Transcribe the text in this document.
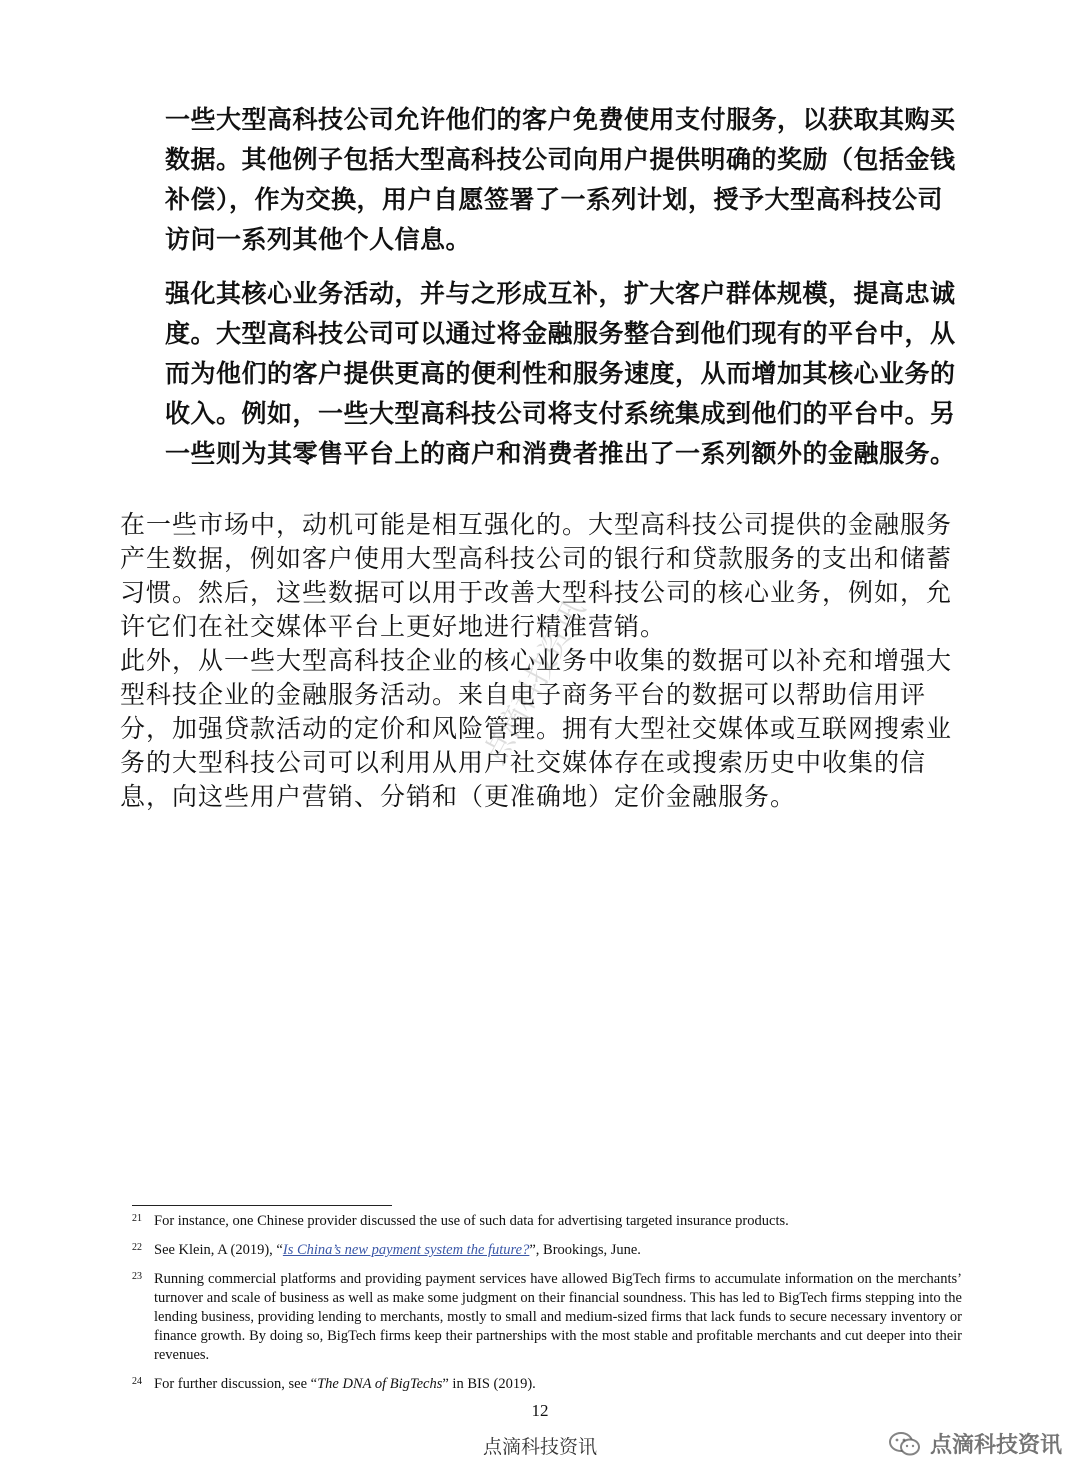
一些大型高科技公司允许他们的客户免费使用支付服务，以获取其购买数据。其他例子包括大型高科技公司向用户提供明确的奖励（包括金钱补偿），作为交换，用户自愿签署了一系列计划，授予大型高科技公司访问一系列其他个人信息。

强化其核心业务活动，并与之形成互补，扩大客户群体规模，提高忠诚度。大型高科技公司可以通过将金融服务整合到他们现有的平台中，从而为他们的客户提供更高的便利性和服务速度，从而增加其核心业务的收入。例如，一些大型高科技公司将支付系统集成到他们的平台中。另一些则为其零售平台上的商户和消费者推出了一系列额外的金融服务。

在一些市场中，动机可能是相互强化的。大型高科技公司提供的金融服务产生数据，例如客户使用大型高科技公司的银行和贷款服务的支出和储蓄习惯。然后，这些数据可以用于改善大型科技公司的核心业务，例如，允许它们在社交媒体平台上更好地进行精准营销。

此外，从一些大型高科技企业的核心业务中收集的数据可以补充和增强大型科技企业的金融服务活动。来自电子商务平台的数据可以帮助信用评分，加强贷款活动的定价和风险管理。拥有大型社交媒体或互联网搜索业务的大型科技公司可以利用从用户社交媒体存在或搜索历史中收集的信息，向这些用户营销、分销和（更准确地）定价金融服务。

点滴科技资讯
21 For instance, one Chinese provider discussed the use of such data for advertising targeted insurance products.
22 See Klein, A (2019), “Is China’s new payment system the future?”, Brookings, June.
23 Running commercial platforms and providing payment services have allowed BigTech firms to accumulate information on the merchants’ turnover and scale of business as well as make some judgment on their financial soundness. This has led to BigTech firms stepping into the lending business, providing lending to merchants, mostly to small and medium-sized firms that lack funds to secure necessary inventory or finance growth. By doing so, BigTech firms keep their partnerships with the most stable and profitable merchants and cut deeper into their revenues.
24 For further discussion, see “The DNA of BigTechs” in BIS (2019).
12
点滴科技资讯	点滴科技资讯
